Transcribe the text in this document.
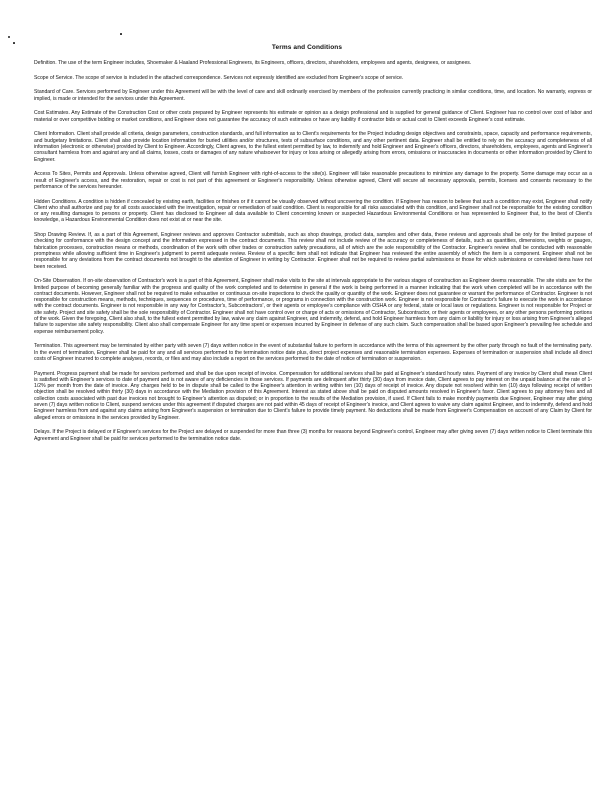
Terms and Conditions

Definition. The use of the term Engineer includes, Shoemaker & Haaland Professional Engineers, its Engineers, officers, directors, shareholders, employees and agents, designees, or assignees.

Scope of Service. The scope of service is included in the attached correspondence. Services not expressly identified are excluded from Engineer's scope of service.

Standard of Care. Services performed by Engineer under this Agreement will be with the level of care and skill ordinarily exercised by members of the profession currently practicing in similar conditions, time, and location. No warranty, express or implied, is made or intended for the services under this Agreement.

Cost Estimates. Any Estimate of the Construction Cost or other costs prepared by Engineer represents his estimate or opinion as a design professional and is supplied for general guidance of Client. Engineer has no control over cost of labor and material or over competitive bidding or market conditions, and Engineer does not guarantee the accuracy of such estimates or have any liability if contractor bids or actual cost to Client exceeds Engineer's cost estimate.

Client Information. Client shall provide all criteria, design parameters, construction standards, and full information as to Client's requirements for the Project including design objectives and constraints, space, capacity and performance requirements, and budgetary limitations. Client shall also provide location information for buried utilities and/or structures, tests of subsurface conditions, and any other pertinent data. Engineer shall be entitled to rely on the accuracy and completeness of all information (electronic or otherwise) provided by Client to Engineer. Accordingly, Client agrees, to the fullest extent permitted by law, to indemnify and hold Engineer and Engineer's officers, directors, shareholders, employees, agents and Engineer's consultant harmless from and against any and all claims, losses, costs or damages of any nature whatsoever for injury or loss arising or allegedly arising from errors, omissions or inaccuracies in documents or other information provided by Client to Engineer.

Access To Sites, Permits and Approvals. Unless otherwise agreed, Client will furnish Engineer with right-of-access to the site(s). Engineer will take reasonable precautions to minimize any damage to the property. Some damage may occur as a result of Engineer's access, and the restoration, repair or cost is not part of this agreement or Engineer's responsibility. Unless otherwise agreed, Client will secure all necessary approvals, permits, licenses and consents necessary to the performance of the services hereunder.

Hidden Conditions. A condition is hidden if concealed by existing earth, facilities or finishes or if it cannot be visually observed without uncovering the condition. If Engineer has reason to believe that such a condition may exist, Engineer shall notify Client who shall authorize and pay for all costs associated with the investigation, repair or remediation of said condition. Client is responsible for all risks associated with this condition, and Engineer shall not be responsible for the existing condition or any resulting damages to persons or property. Client has disclosed to Engineer all data available to Client concerning known or suspected Hazardous Environmental Conditions or has represented to Engineer that, to the best of Client's knowledge, a Hazardous Environmental Condition does not exist at or near the site.

Shop Drawing Review. If, as a part of this Agreement, Engineer reviews and approves Contractor submittals, such as shop drawings, product data, samples and other data, these reviews and approvals shall be only for the limited purpose of checking for conformance with the design concept and the information expressed in the contract documents. This review shall not include review of the accuracy or completeness of details, such as quantities, dimensions, weights or gauges, fabrication processes, construction means or methods, coordination of the work with other trades or construction safety precautions, all of which are the sole responsibility of the Contractor. Engineer's review shall be conducted with reasonable promptness while allowing sufficient time in Engineer's judgment to permit adequate review. Review of a specific item shall not indicate that Engineer has reviewed the entire assembly of which the item is a component. Engineer shall not be responsible for any deviations from the contract documents not brought to the attention of Engineer in writing by Contractor. Engineer shall not be required to review partial submissions or those for which submissions or correlated items have not been received.

On-Site Observation. If on-site observation of Contractor's work is a part of this Agreement, Engineer shall make visits to the site at intervals appropriate to the various stages of construction as Engineer deems reasonable. The site visits are for the limited purpose of becoming generally familiar with the progress and quality of the work completed and to determine in general if the work is being performed in a manner indicating that the work when completed will be in accordance with the contract documents. However, Engineer shall not be required to make exhaustive or continuous on-site inspections to check the quality or quantity of the work. Engineer does not guarantee or warrant the performance of Contractor. Engineer is not responsible for construction means, methods, techniques, sequences or procedures, time of performance, or programs in connection with the construction work. Engineer is not responsible for Contractor's failure to execute the work in accordance with the contract documents. Engineer is not responsible in any way for Contractor's, Subcontractors', or their agents or employee's compliance with OSHA or any federal, state or local laws or regulations. Engineer is not responsible for Project or site safety. Project and site safety shall be the sole responsibility of Contractor. Engineer shall not have control over or charge of acts or omissions of Contractor, Subcontractor, or their agents or employees, or any other persons performing portions of the work. Given the foregoing, Client also shall, to the fullest extent permitted by law, waive any claim against Engineer, and indemnify, defend, and hold Engineer harmless from any claim or liability for injury or loss arising from Engineer's alleged failure to supervise site safety responsibility. Client also shall compensate Engineer for any time spent or expenses incurred by Engineer in defense of any such claim. Such compensation shall be based upon Engineer's prevailing fee schedule and expense reimbursement policy.

Termination. This agreement may be terminated by either party with seven (7) days written notice in the event of substantial failure to perform in accordance with the terms of this agreement by the other party through no fault of the terminating party. In the event of termination, Engineer shall be paid for any and all services performed to the termination notice date plus, direct project expenses and reasonable termination expenses. Expenses of termination or suspension shall include all direct costs of Engineer incurred to complete analyses, records, or files and may also include a report on the services performed to the date of notice of termination or suspension.

Payment. Progress payment shall be made for services performed and shall be due upon receipt of invoice. Compensation for additional services shall be paid at Engineer's standard hourly rates. Payment of any invoice by Client shall mean Client is satisfied with Engineer's services to date of payment and is not aware of any deficiencies in those services. If payments are delinquent after thirty (30) days from invoice date, Client agrees to pay interest on the unpaid balance at the rate of 1-1/2% per month from the date of invoice. Any charges held to be in dispute shall be called to the Engineer's attention in writing within ten (10) days of receipt of invoice. Any dispute not resolved within ten (10) days following receipt of written objection shall be resolved within thirty (30) days in accordance with the Mediation provision of this Agreement. Interest as stated above shall be paid on disputed amounts resolved in Engineer's favor. Client agrees to pay attorney fees and all collection costs associated with past due invoices not brought to Engineer's attention as disputed; or in proportion to the results of the Mediation provision, if used. If Client fails to make monthly payments due Engineer, Engineer may after giving seven (7) days written notice to Client, suspend services under this agreement if disputed charges are not paid within 45 days of receipt of Engineer's invoice, and Client agrees to waive any claim against Engineer, and to indemnify, defend and hold Engineer harmless from and against any claims arising from Engineer's suspension or termination due to Client's failure to provide timely payment. No deductions shall be made from Engineer's Compensation on account of any Claim by Client for alleged errors or omissions in the services provided by Engineer.

Delays. If the Project is delayed or if Engineer's services for the Project are delayed or suspended for more than three (3) months for reasons beyond Engineer's control, Engineer may after giving seven (7) days written notice to Client terminate this Agreement and Engineer shall be paid for services performed to the termination notice date.
